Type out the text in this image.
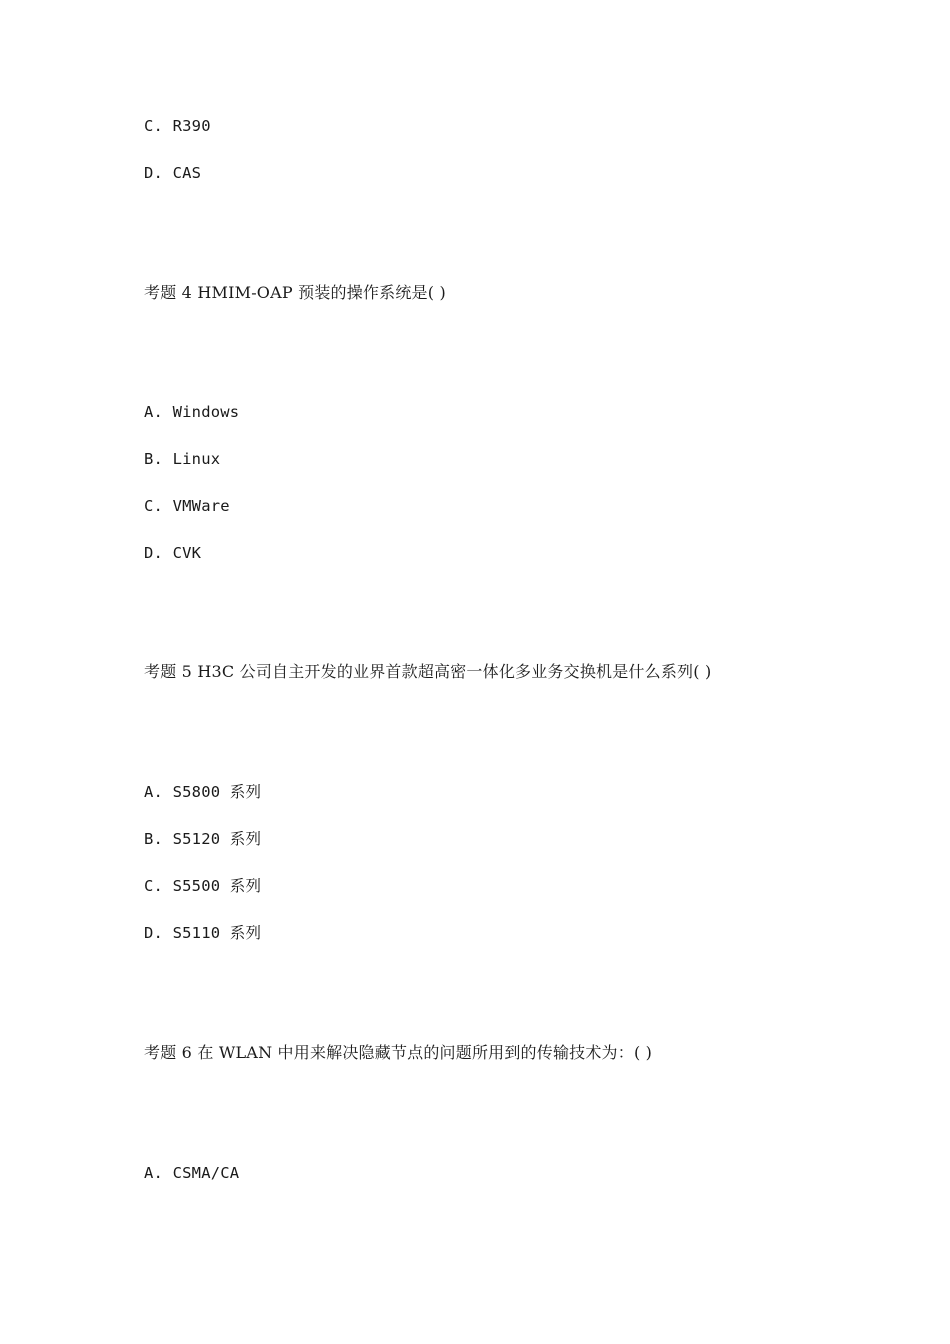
C. R390
D. CAS
考题 4 HMIM-OAP 预装的操作系统是( )
A. Windows
B. Linux
C. VMWare
D. CVK
考题 5 H3C 公司自主开发的业界首款超高密一体化多业务交换机是什么系列( )
A. S5800 系列
B. S5120 系列
C. S5500 系列
D. S5110 系列
考题 6 在 WLAN 中用来解决隐藏节点的问题所用到的传输技术为：( )
A. CSMA/CA
